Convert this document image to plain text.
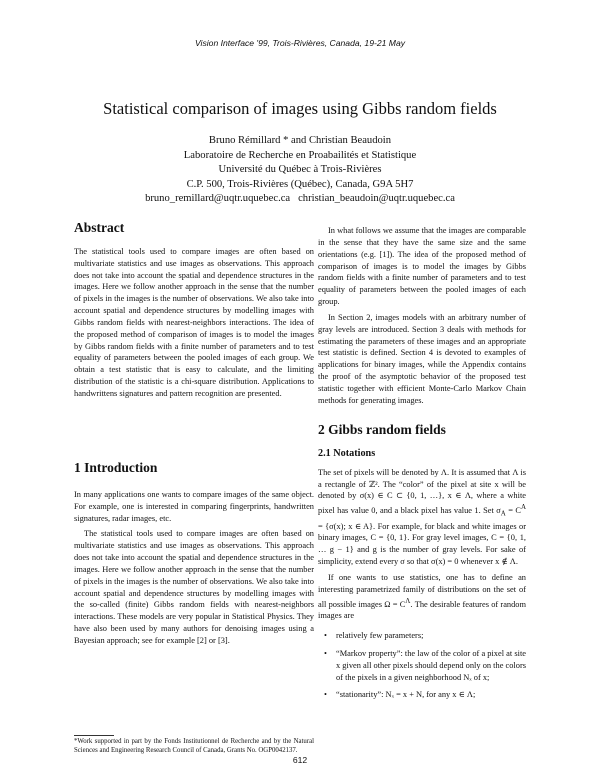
Vision Interface '99, Trois-Rivières, Canada, 19-21 May
Statistical comparison of images using Gibbs random fields
Bruno Rémillard * and Christian Beaudoin
Laboratoire de Recherche en Proabailités et Statistique
Université du Québec à Trois-Rivières
C.P. 500, Trois-Rivières (Québec), Canada, G9A 5H7
bruno_remillard@uqtr.uquebec.ca christian_beaudoin@uqtr.uquebec.ca
Abstract

The statistical tools used to compare images are often based on multivariate statistics and use images as observations. This approach does not take into account the spatial and dependence structures in the images. Here we follow another approach in the sense that the number of pixels in the images is the number of observations. We also take into account spatial and dependence structures by modelling images with Gibbs random fields with nearest-neighbors interactions. The idea of the proposed method of comparison of images is to model the images by Gibbs random fields with a finite number of parameters and to test equality of parameters between the pooled images of each group. We obtain a test statistic that is easy to calculate, and the limiting distribution of the statistic is a chi-square distribution. Applications to handwrittens signatures and pattern recognition are presented.

1 Introduction

In many applications one wants to compare images of the same object. For example, one is interested in comparing fingerprints, handwritten signatures, radar images, etc.

The statistical tools used to compare images are often based on multivariate statistics and use images as observations. This approach does not take into account the spatial and dependence structures in the images. Here we follow another approach in the sense that the number of pixels in the images is the number of observations. We also take into account spatial and dependence structures by modelling images with the so-called (finite) Gibbs random fields with nearest-neighbors interactions. These models are very popular in Statistical Physics. They have also been used by many authors for denoising images using a Bayesian approach; see for example [2] or [3].

*Work supported in part by the Fonds Institutionnel de Recherche and by the Natural Sciences and Engineering Research Council of Canada, Grants No. OGP0042137.

In what follows we assume that the images are comparable in the sense that they have the same size and the same orientations (e.g. [1]). The idea of the proposed method of comparison of images is to model the images by Gibbs random fields with a finite number of parameters and to test equality of parameters between the pooled images of each group.

In Section 2, images models with an arbitrary number of gray levels are introduced. Section 3 deals with methods for estimating the parameters of these images and an appropriate test statistic is defined. Section 4 is devoted to examples of applications for binary images, while the Appendix contains the proof of the asymptotic behavior of the proposed test statistic together with efficient Monte-Carlo Markov Chain methods for generating images.

2 Gibbs random fields
2.1 Notations

The set of pixels will be denoted by Λ. It is assumed that Λ is a rectangle of ℤ². The “color” of the pixel at site x will be denoted by σ(x) ∈ C ⊂ {0, 1, …}, x ∈ Λ, where a white pixel has value 0, and a black pixel has value 1. Set $\sigma_A = C^A = \{\sigma(x)$; x ∈ A}. For example, for black and white images or binary images, C = {0, 1}. For gray level images, C = {0, 1, … g − 1} and g is the number of gray levels. For sake of simplicity, extend every σ so that σ(x) = 0 whenever x ∉ Λ.

If one wants to use statistics, one has to define an interesting parametrized family of distributions on the set of all possible images $\Omega = C^\Lambda$. The desirable features of random images are

• relatively few parameters;
• “Markov property”: the law of the color of a pixel at site x given all other pixels should depend only on the colors of the pixels in a given neighborhood Nₓ of x;
• “stationarity”: Nₓ = x + N, for any x ∈ Λ;
612
